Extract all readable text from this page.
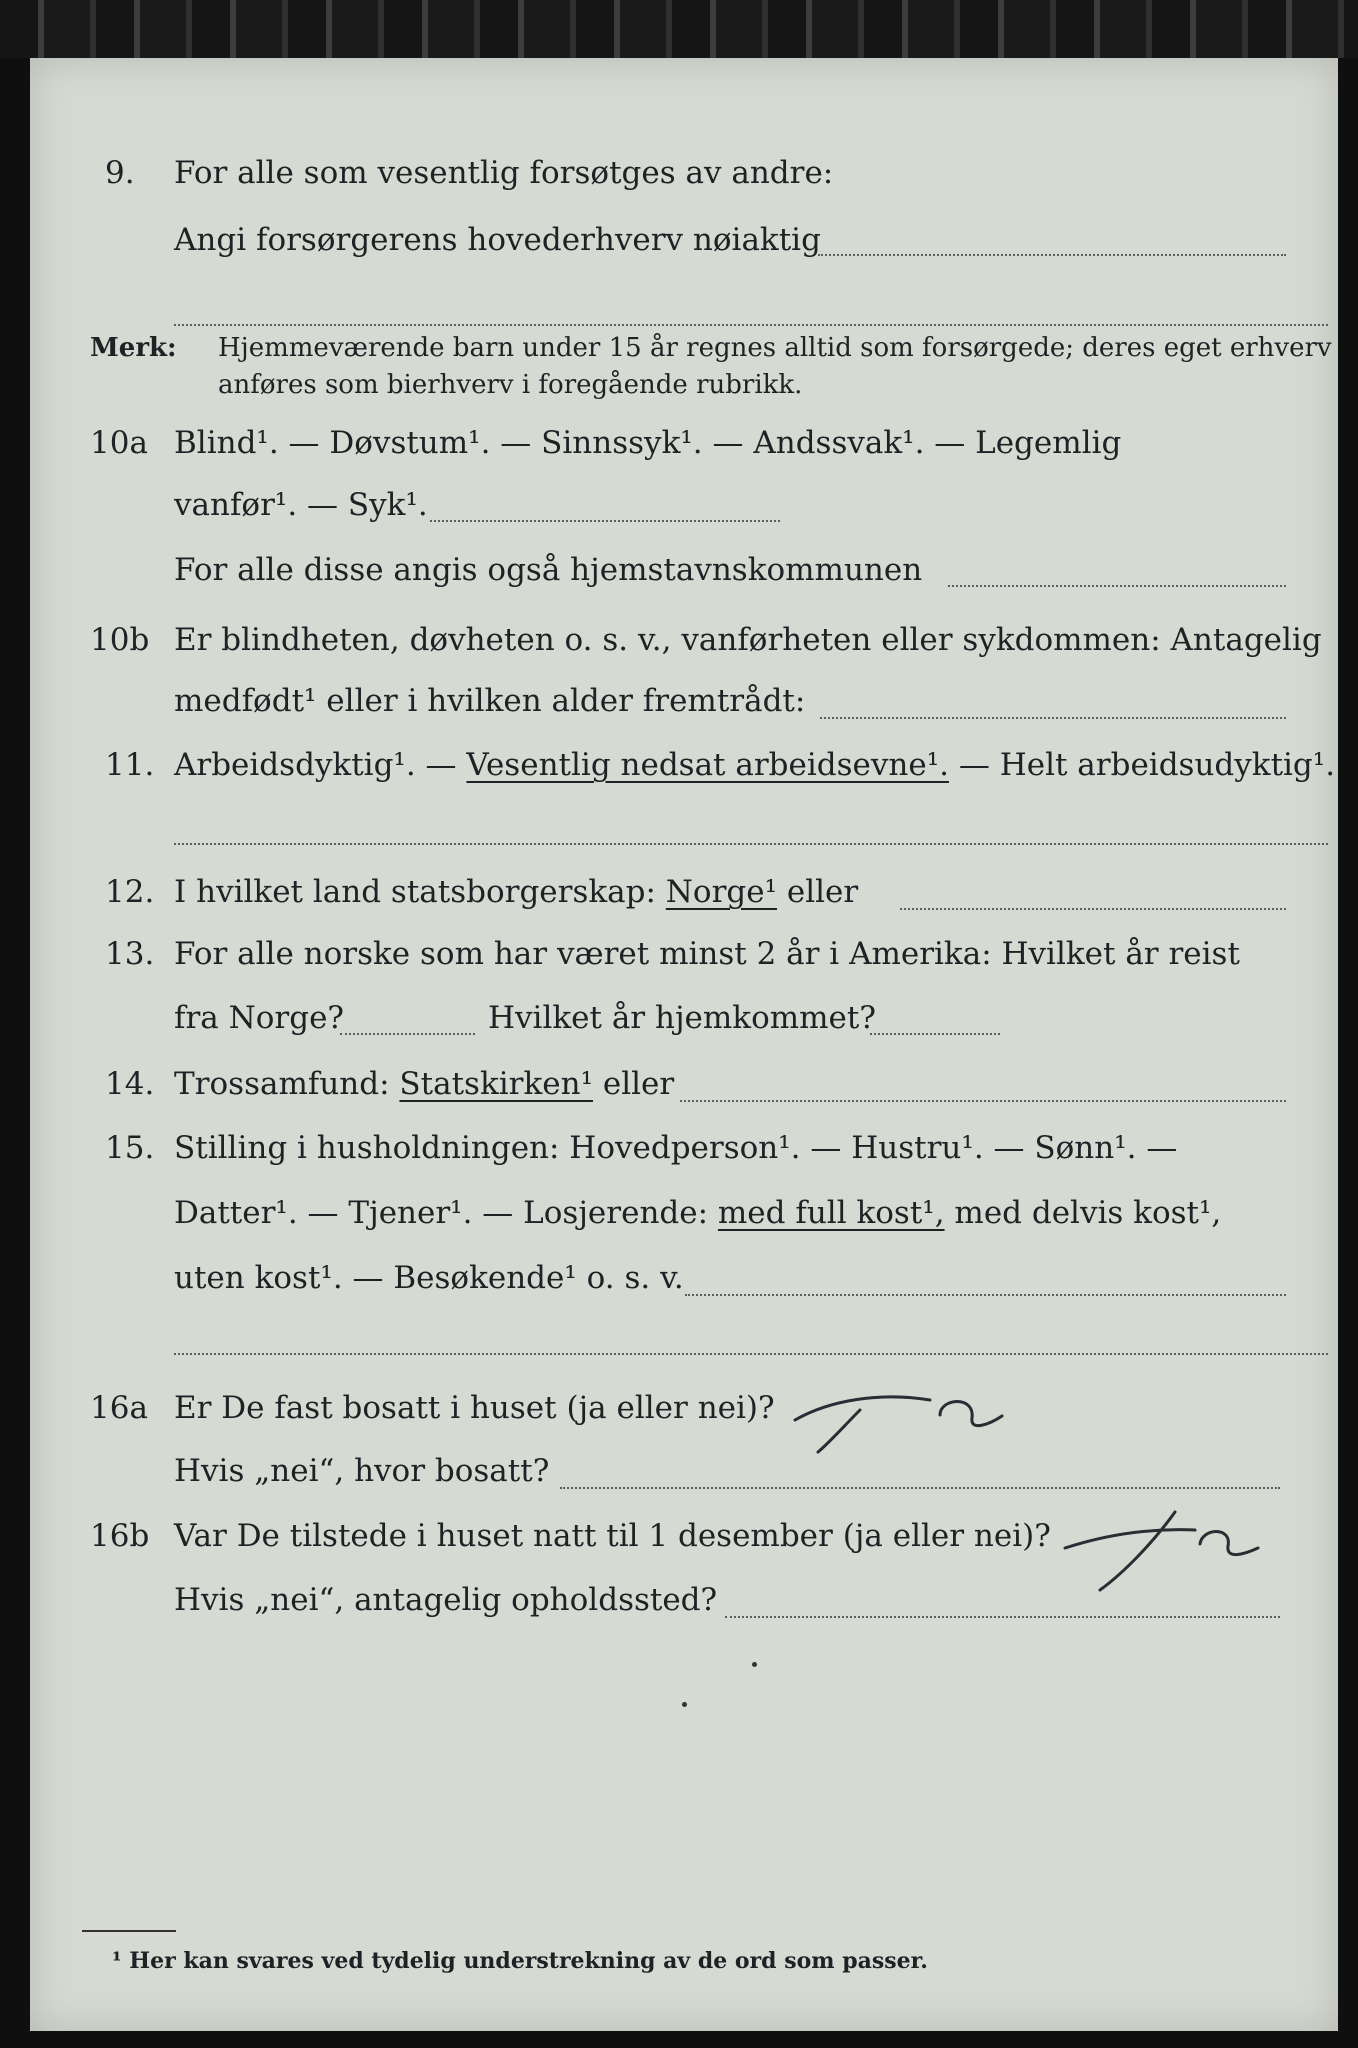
9.	For alle som vesentlig forsøtges av andre:
Angi forsørgerens hovederhverv nøiaktig
Merk: Hjemmeværende barn under 15 år regnes alltid som forsørgede; deres eget erhverv
anføres som bierhverv i foregående rubrikk.
10a Blind¹. — Døvstum¹. — Sinnssyk¹. — Andssvak¹. — Legemlig
vanfør¹. — Syk¹.
For alle disse angis også hjemstavnskommunen
10b Er blindheten, døvheten o. s. v., vanførheten eller sykdommen: Antagelig
medfødt¹ eller i hvilken alder fremtrådt:
11. Arbeidsdyktig¹. — Vesentlig nedsat arbeidsevne¹. — Helt arbeidsudyktig¹.
12. I hvilket land statsborgerskap: Norge¹ eller
13. For alle norske som har været minst 2 år i Amerika: Hvilket år reist
fra Norge?	Hvilket år hjemkommet?
14. Trossamfund: Statskirken¹ eller
15. Stilling i husholdningen: Hovedperson¹. — Hustru¹. — Sønn¹. —
Datter¹. — Tjener¹. — Losjerende: med full kost¹, med delvis kost¹,
uten kost¹. — Besøkende¹ o. s. v.
16a Er De fast bosatt i huset (ja eller nei)?
Hvis „nei“, hvor bosatt?
16b Var De tilstede i huset natt til 1 desember (ja eller nei)?
Hvis „nei“, antagelig opholdssted?
¹ Her kan svares ved tydelig understrekning av de ord som passer.
